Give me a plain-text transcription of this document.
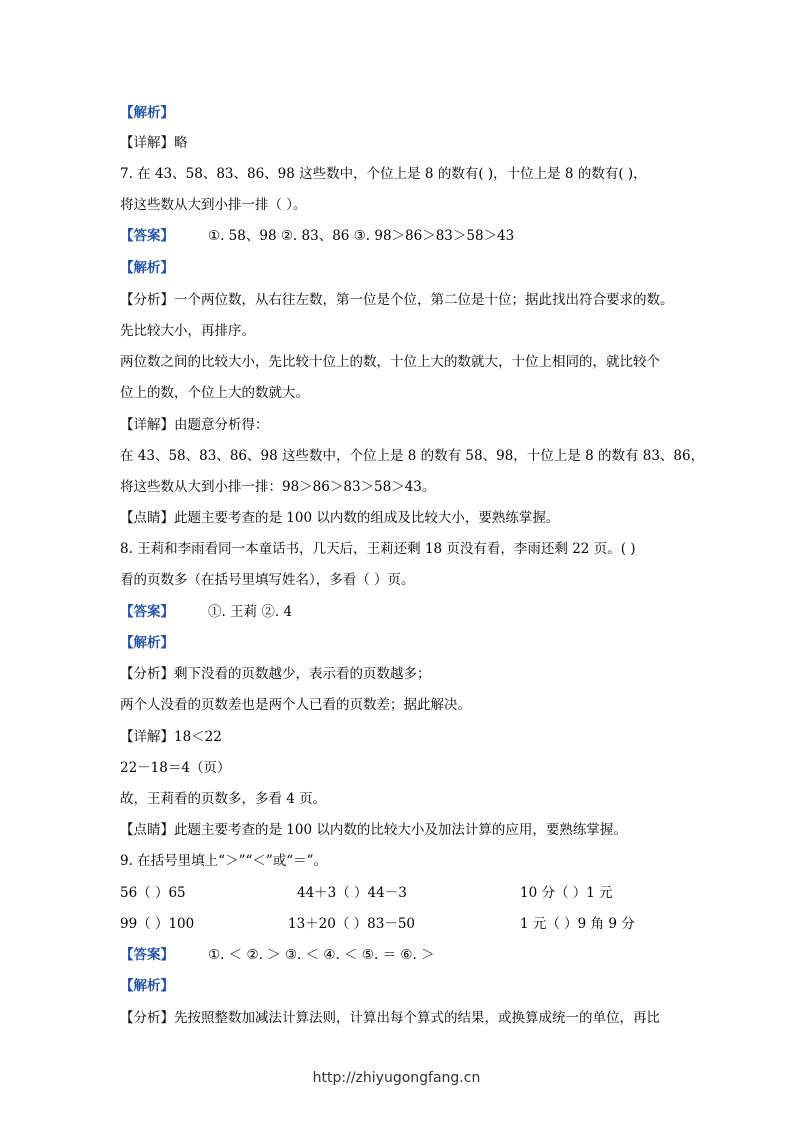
【解析】
【详解】略
7. 在 43、58、83、86、98 这些数中，个位上是 8 的数有( )，十位上是 8 的数有( )，
将这些数从大到小排一排（ ）。
【答案】	①. 58、98 ②. 83、86 ③. 98＞86＞83＞58＞43
【解析】
【分析】一个两位数，从右往左数，第一位是个位，第二位是十位；据此找出符合要求的数。
先比较大小，再排序。
两位数之间的比较大小，先比较十位上的数，十位上大的数就大，十位上相同的，就比较个
位上的数，个位上大的数就大。
【详解】由题意分析得：
在 43、58、83、86、98 这些数中，个位上是 8 的数有 58、98，十位上是 8 的数有 83、86，
将这些数从大到小排一排：98＞86＞83＞58＞43。
【点睛】此题主要考查的是 100 以内数的组成及比较大小，要熟练掌握。
8. 王莉和李雨看同一本童话书，几天后，王莉还剩 18 页没有看，李雨还剩 22 页。( )
看的页数多（在括号里填写姓名），多看（ ）页。
【答案】	①. 王莉 ②. 4
【解析】
【分析】剩下没看的页数越少，表示看的页数越多；
两个人没看的页数差也是两个人已看的页数差；据此解决。
【详解】18＜22
22－18＝4（页）
故，王莉看的页数多，多看 4 页。
【点睛】此题主要考查的是 100 以内数的比较大小及加法计算的应用，要熟练掌握。
9. 在括号里填上“＞”“＜”或“＝”。
56（ ）65	44＋3（ ）44－3	10 分（ ）1 元
99（ ）100	13＋20（ ）83－50	1 元（ ）9 角 9 分
【答案】	①. ＜ ②. ＞ ③. ＜ ④. ＜ ⑤. ＝ ⑥. ＞
【解析】
【分析】先按照整数加减法计算法则，计算出每个算式的结果，或换算成统一的单位，再比
http://zhiyugongfang.cn
